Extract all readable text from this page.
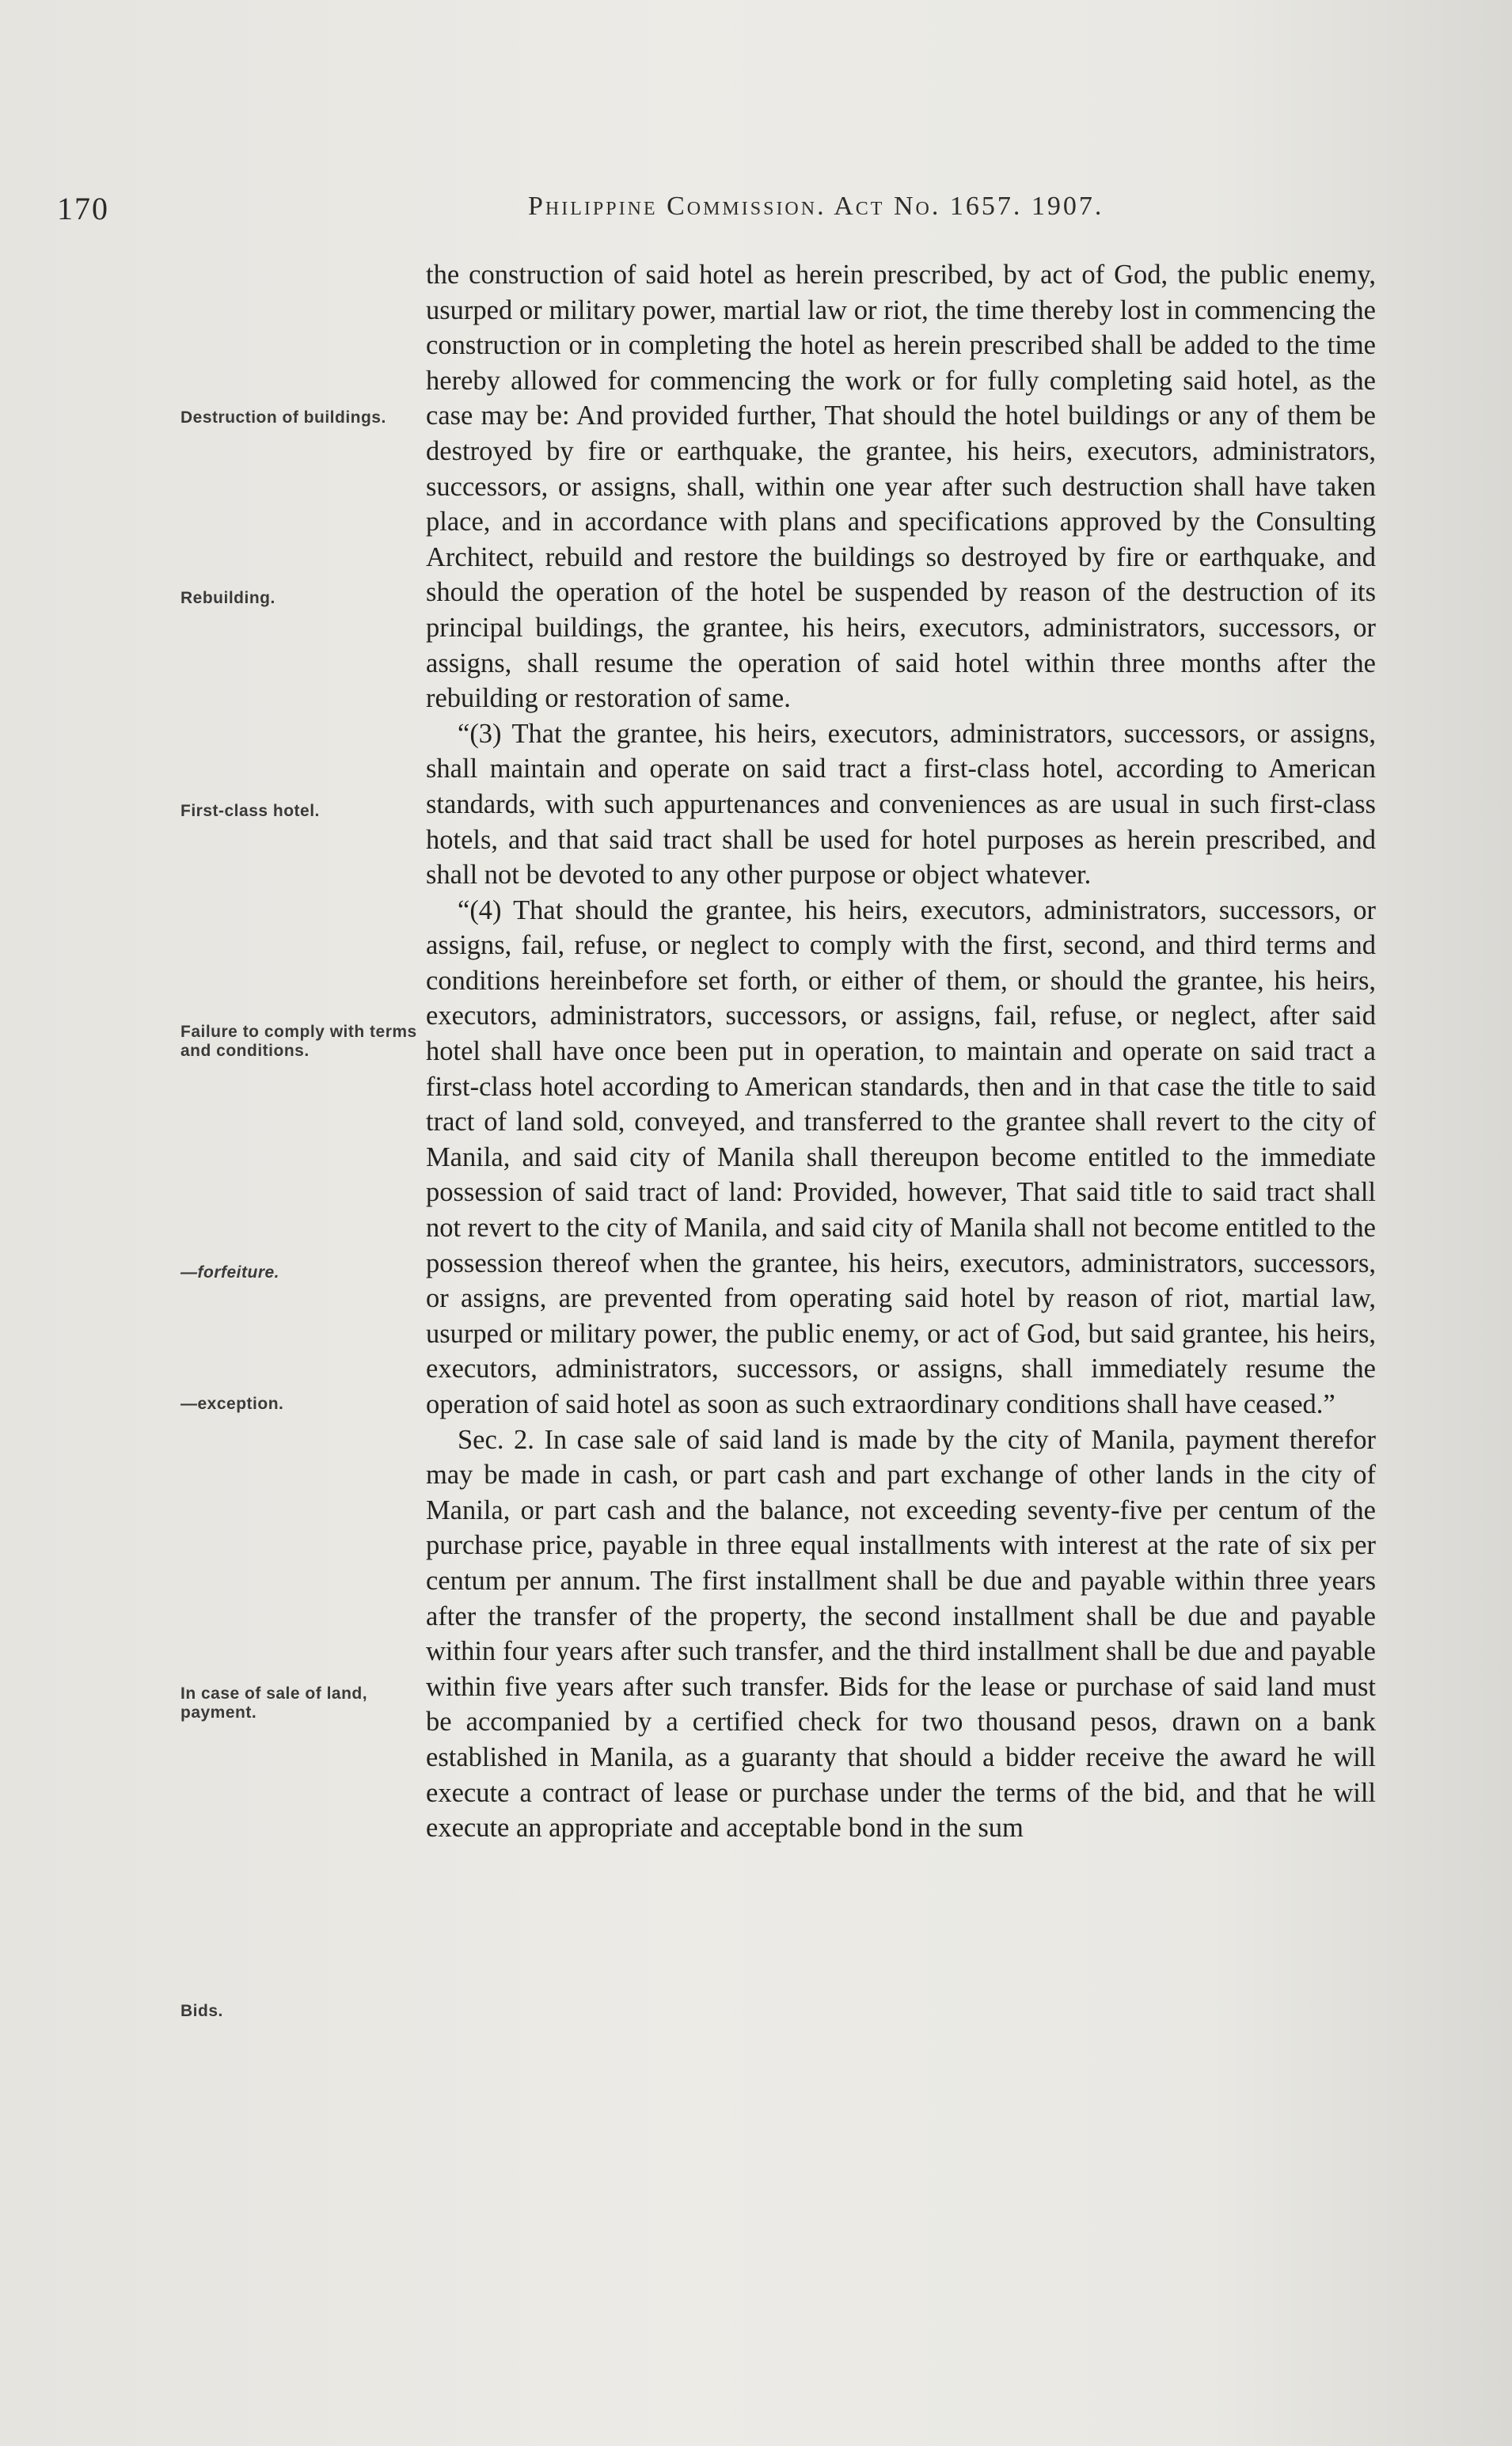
170	Philippine Commission. Act No. 1657. 1907.
Destruction of buildings.
Rebuilding.
First-class hotel.
Failure to comply with terms and conditions.
—forfeiture.
—exception.
In case of sale of land, payment.
Bids.

the construction of said hotel as herein prescribed, by act of God, the public enemy, usurped or military power, martial law or riot, the time thereby lost in commencing the construction or in completing the hotel as herein prescribed shall be added to the time hereby allowed for commencing the work or for fully completing said hotel, as the case may be: And provided further, That should the hotel buildings or any of them be destroyed by fire or earthquake, the grantee, his heirs, executors, administrators, successors, or assigns, shall, within one year after such destruction shall have taken place, and in accordance with plans and specifications approved by the Consulting Architect, rebuild and restore the buildings so destroyed by fire or earthquake, and should the operation of the hotel be suspended by reason of the destruction of its principal buildings, the grantee, his heirs, executors, administrators, successors, or assigns, shall resume the operation of said hotel within three months after the rebuilding or restoration of same.

“(3) That the grantee, his heirs, executors, administrators, successors, or assigns, shall maintain and operate on said tract a first-class hotel, according to American standards, with such appurtenances and conveniences as are usual in such first-class hotels, and that said tract shall be used for hotel purposes as herein prescribed, and shall not be devoted to any other purpose or object whatever.

“(4) That should the grantee, his heirs, executors, administrators, successors, or assigns, fail, refuse, or neglect to comply with the first, second, and third terms and conditions hereinbefore set forth, or either of them, or should the grantee, his heirs, executors, administrators, successors, or assigns, fail, refuse, or neglect, after said hotel shall have once been put in operation, to maintain and operate on said tract a first-class hotel according to American standards, then and in that case the title to said tract of land sold, conveyed, and transferred to the grantee shall revert to the city of Manila, and said city of Manila shall thereupon become entitled to the immediate possession of said tract of land: Provided, however, That said title to said tract shall not revert to the city of Manila, and said city of Manila shall not become entitled to the possession thereof when the grantee, his heirs, executors, administrators, successors, or assigns, are prevented from operating said hotel by reason of riot, martial law, usurped or military power, the public enemy, or act of God, but said grantee, his heirs, executors, administrators, successors, or assigns, shall immediately resume the operation of said hotel as soon as such extraordinary conditions shall have ceased.”

Sec. 2. In case sale of said land is made by the city of Manila, payment therefor may be made in cash, or part cash and part exchange of other lands in the city of Manila, or part cash and the balance, not exceeding seventy-five per centum of the purchase price, payable in three equal installments with interest at the rate of six per centum per annum. The first installment shall be due and payable within three years after the transfer of the property, the second installment shall be due and payable within four years after such transfer, and the third installment shall be due and payable within five years after such transfer. Bids for the lease or purchase of said land must be accompanied by a certified check for two thousand pesos, drawn on a bank established in Manila, as a guaranty that should a bidder receive the award he will execute a contract of lease or purchase under the terms of the bid, and that he will execute an appropriate and acceptable bond in the sum
